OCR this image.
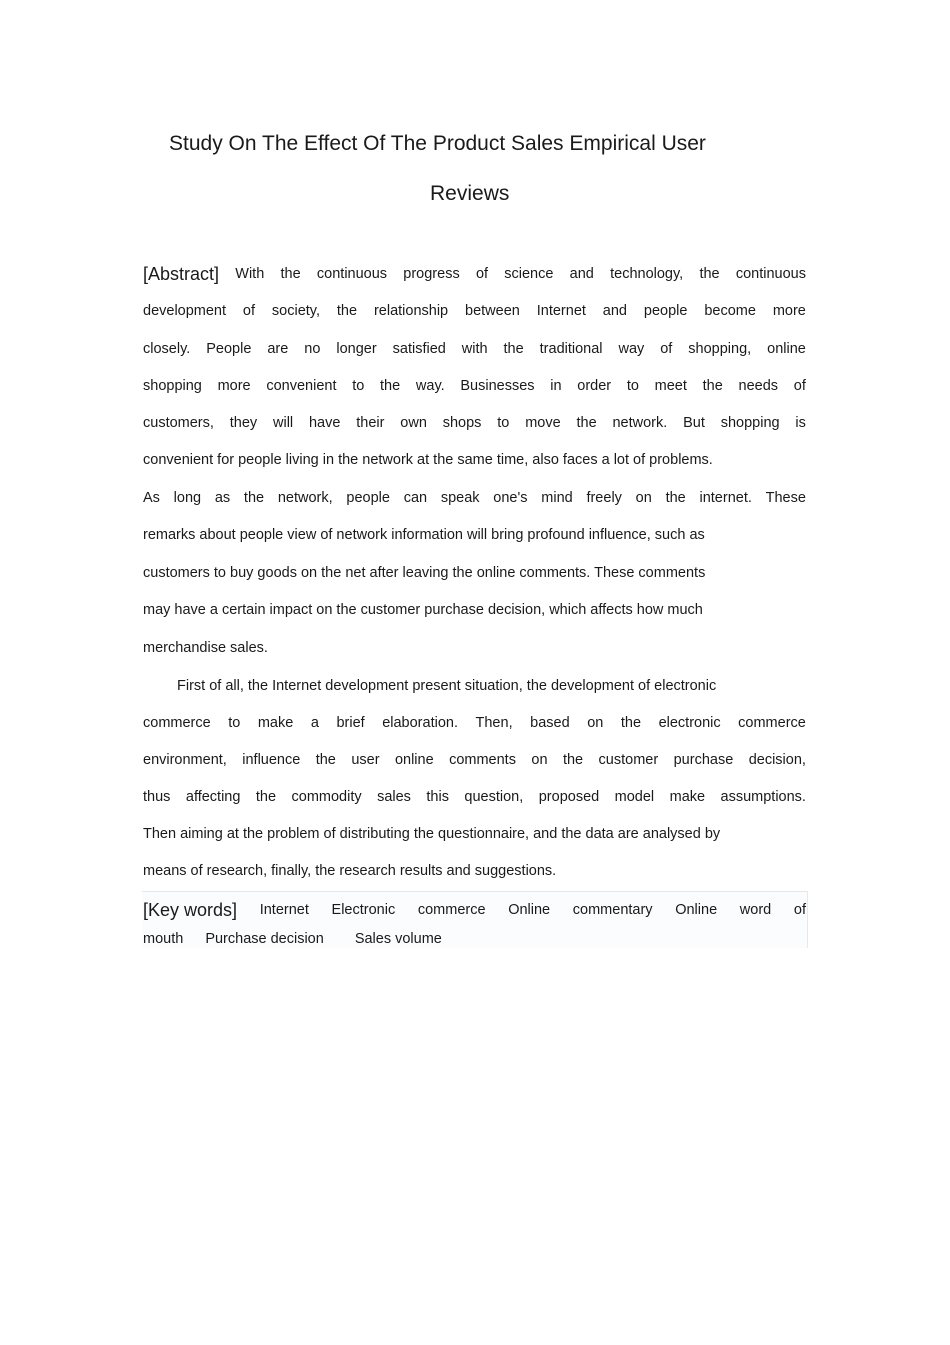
Study On The Effect Of The Product Sales Empirical User
Reviews
[Abstract] With the continuous progress of science and technology, the continuous
development of society, the relationship between Internet and people become more
closely. People are no longer satisfied with the traditional way of shopping, online
shopping more convenient to the way. Businesses in order to meet the needs of
customers, they will have their own shops to move the network. But shopping is
convenient for people living in the network at the same time, also faces a lot of problems.
As long as the network, people can speak one's mind freely on the internet. These
remarks about people view of network information will bring profound influence, such as
customers to buy goods on the net after leaving the online comments. These comments
may have a certain impact on the customer purchase decision, which affects how much
merchandise sales.
First of all, the Internet development present situation, the development of electronic
commerce to make a brief elaboration. Then, based on the electronic commerce
environment, influence the user online comments on the customer purchase decision,
thus affecting the commodity sales this question, proposed model make assumptions.
Then aiming at the problem of distributing the questionnaire, and the data are analysed by
means of research, finally, the research results and suggestions.
[Key words] Internet Electronic commerce Online commentary Online word of
mouth Purchase decision Sales volume
